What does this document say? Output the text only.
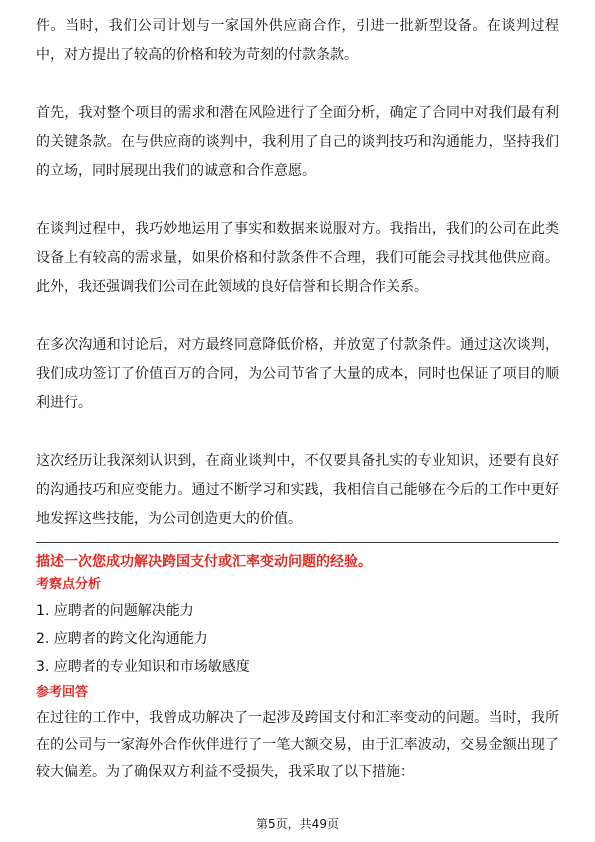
件。当时，我们公司计划与一家国外供应商合作，引进一批新型设备。在谈判过程中，对方提出了较高的价格和较为苛刻的付款条款。

首先，我对整个项目的需求和潜在风险进行了全面分析，确定了合同中对我们最有利的关键条款。在与供应商的谈判中，我利用了自己的谈判技巧和沟通能力，坚持我们的立场，同时展现出我们的诚意和合作意愿。

在谈判过程中，我巧妙地运用了事实和数据来说服对方。我指出，我们的公司在此类设备上有较高的需求量，如果价格和付款条件不合理，我们可能会寻找其他供应商。此外，我还强调我们公司在此领域的良好信誉和长期合作关系。

在多次沟通和讨论后，对方最终同意降低价格，并放宽了付款条件。通过这次谈判，我们成功签订了价值百万的合同，为公司节省了大量的成本，同时也保证了项目的顺利进行。

这次经历让我深刻认识到，在商业谈判中，不仅要具备扎实的专业知识，还要有良好的沟通技巧和应变能力。通过不断学习和实践，我相信自己能够在今后的工作中更好地发挥这些技能，为公司创造更大的价值。

描述一次您成功解决跨国支付或汇率变动问题的经验。

考察点分析

1. 应聘者的问题解决能力
2. 应聘者的跨文化沟通能力
3. 应聘者的专业知识和市场敏感度

参考回答

在过往的工作中，我曾成功解决了一起涉及跨国支付和汇率变动的问题。当时，我所在的公司与一家海外合作伙伴进行了一笔大额交易，由于汇率波动，交易金额出现了较大偏差。为了确保双方利益不受损失，我采取了以下措施：

第5页，共49页
